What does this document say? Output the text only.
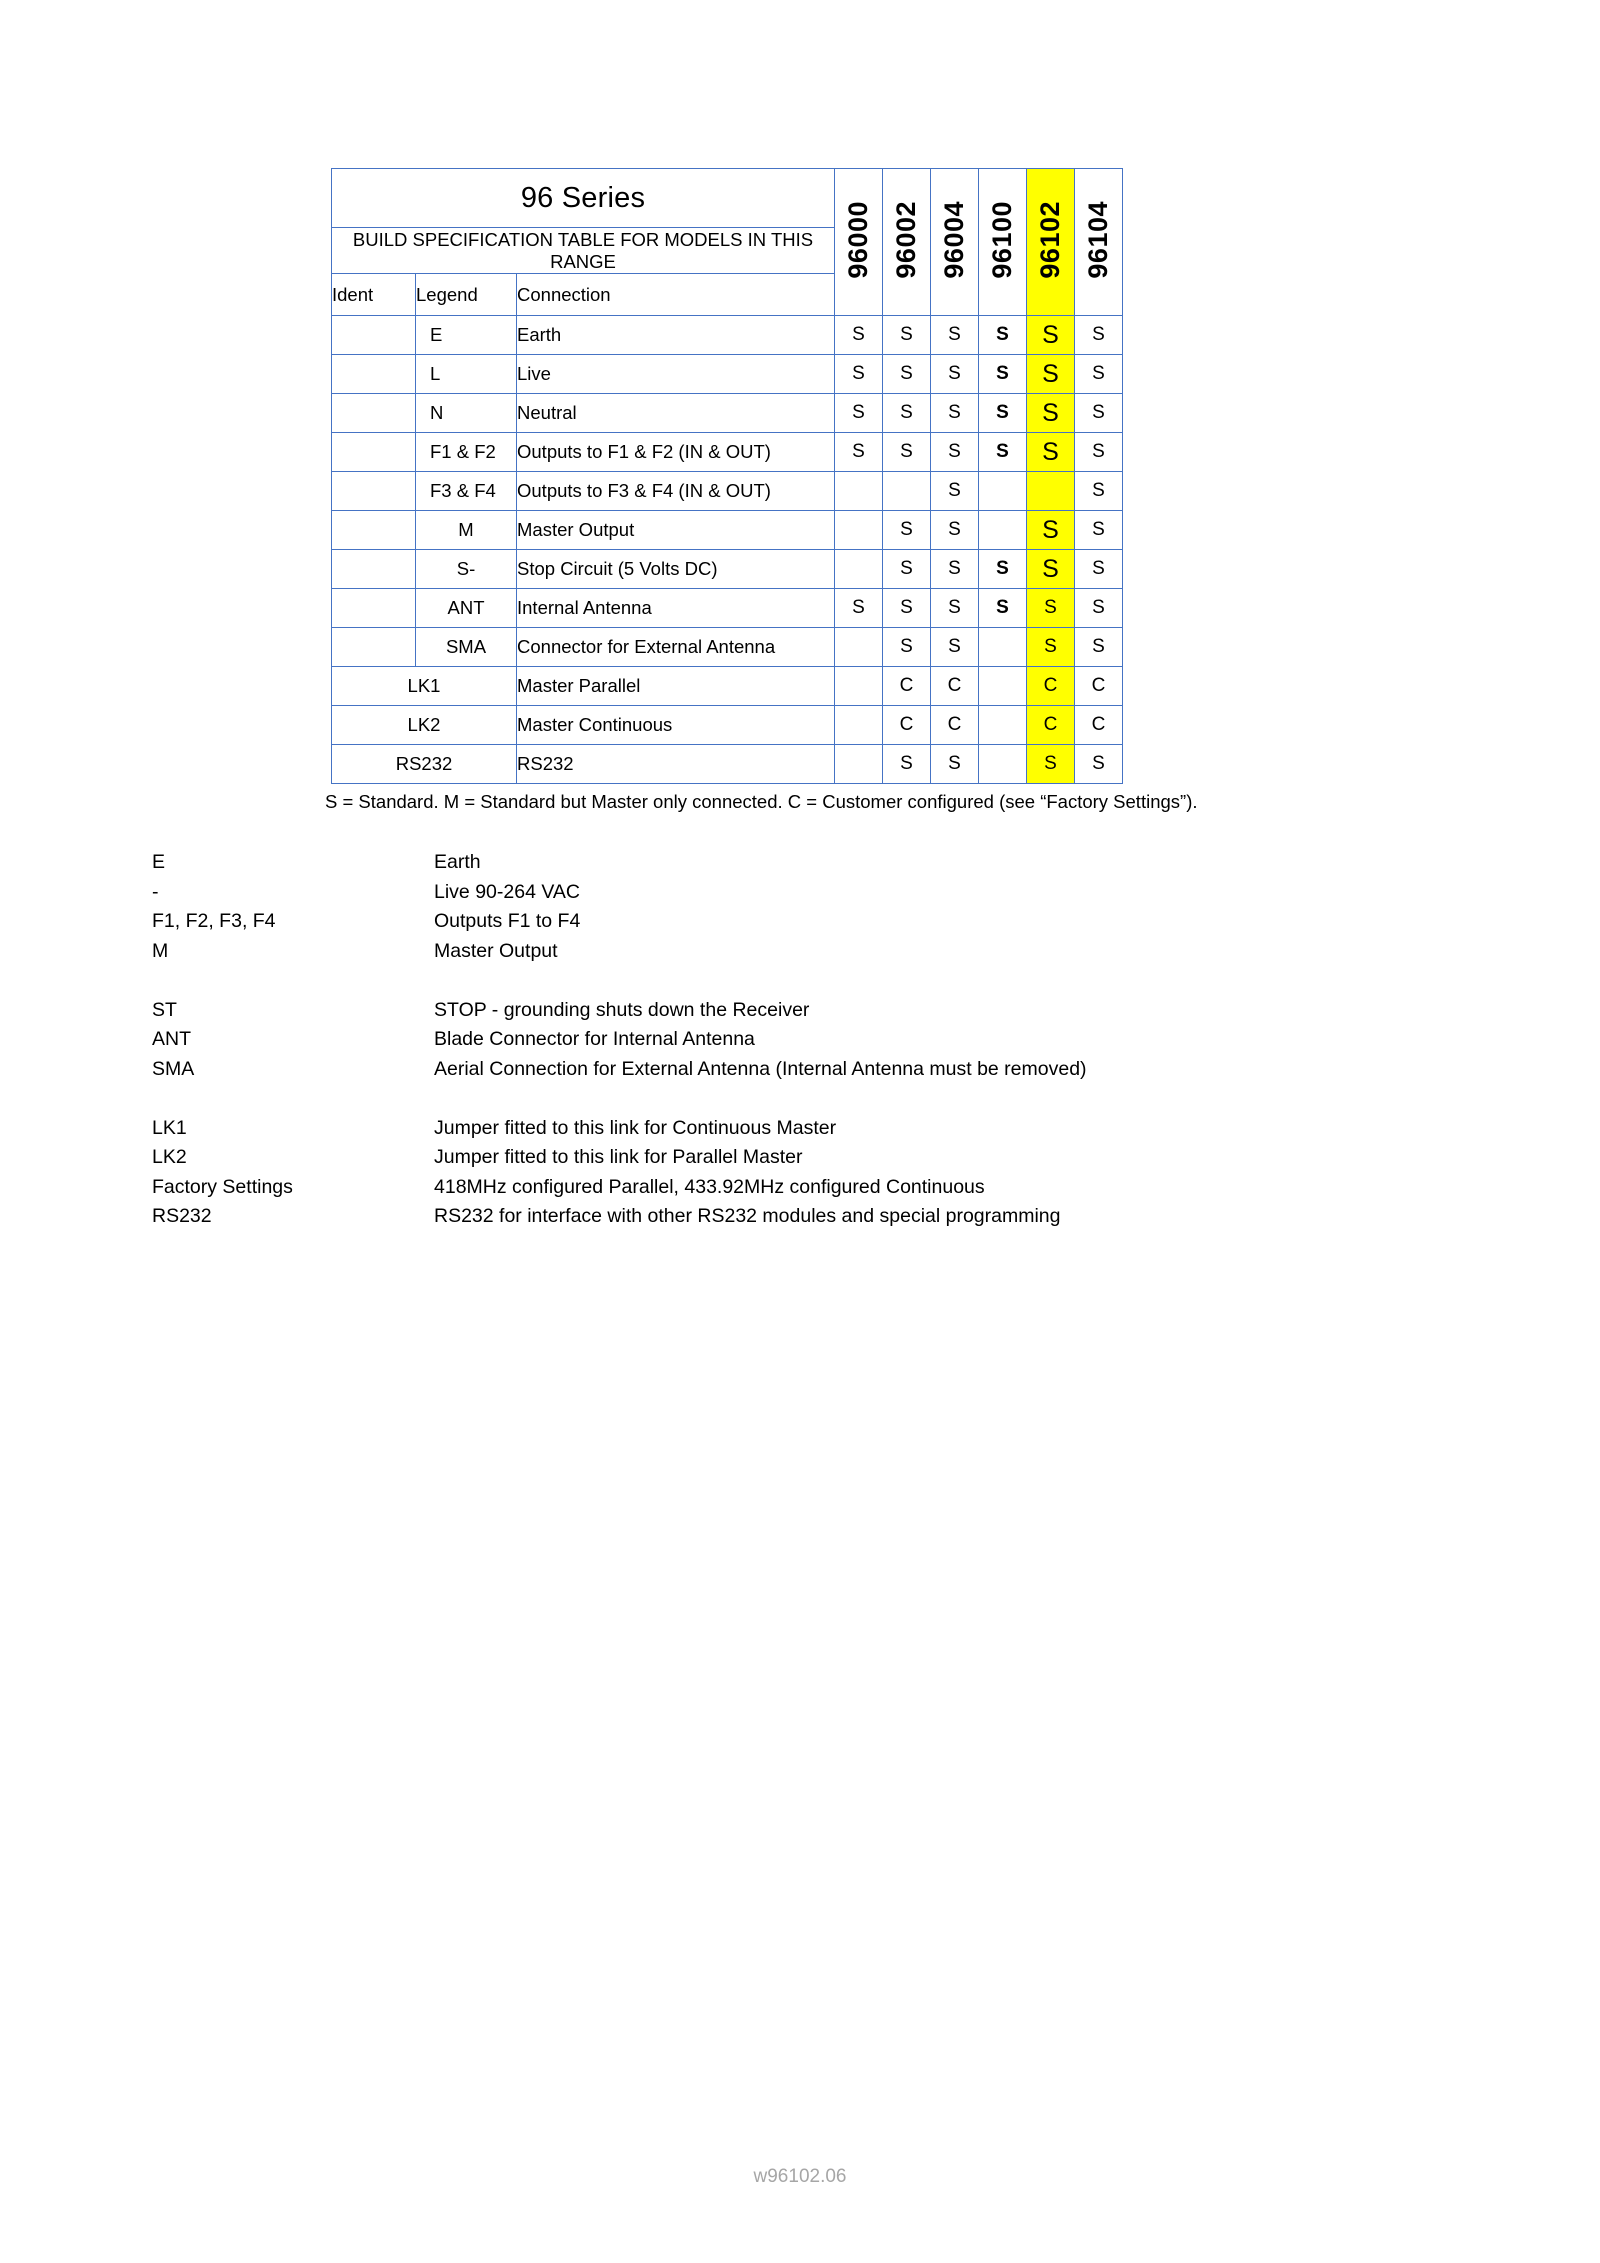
96 Series			96000	96002	96004	96100	96102	96104
BUILD SPECIFICATION TABLE FOR MODELS IN THIS RANGE								
Ident	Legend	Connection						
	E	Earth	S	S	S	S	S	S
	L	Live	S	S	S	S	S	S
	N	Neutral	S	S	S	S	S	S
	F1 & F2	Outputs to F1 & F2 (IN & OUT)	S	S	S	S	S	S
	F3 & F4	Outputs to F3 & F4 (IN & OUT)			S			S
	M	Master Output		S	S		S	S
	S-	Stop Circuit (5 Volts DC)		S	S	S	S	S
	ANT	Internal Antenna	S	S	S	S	S	S
	SMA	Connector for External Antenna		S	S		S	S
LK1		Master Parallel		C	C		C	C
LK2		Master Continuous		C	C		C	C
RS232		RS232		S	S		S	S
S = Standard. M = Standard but Master only connected. C = Customer configured (see “Factory Settings”).
E	Earth
-	Live 90-264 VAC
F1, F2, F3, F4	Outputs F1 to F4
M	Master Output
ST	STOP - grounding shuts down the Receiver
ANT	Blade Connector for Internal Antenna
SMA	Aerial Connection for External Antenna (Internal Antenna must be removed)
LK1	Jumper fitted to this link for Continuous Master
LK2	Jumper fitted to this link for Parallel Master
Factory Settings	418MHz configured Parallel, 433.92MHz configured Continuous
RS232	RS232 for interface with other RS232 modules and special programming
w96102.06
